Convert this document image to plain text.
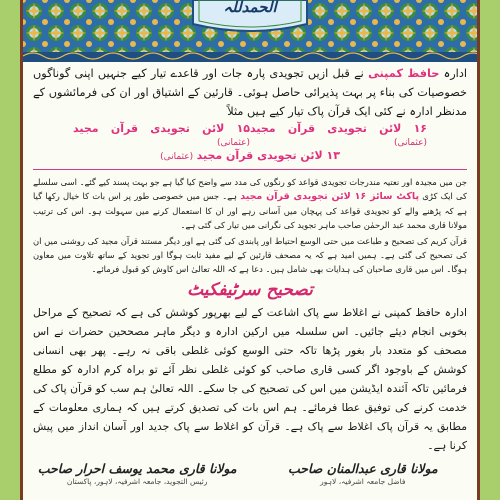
الحمدللہ

ادارہ حافظ کمپنی نے قبل ازیں تجویدی پارہ جات اور قاعدے تیار کیے جنہیں اپنی گوناگوں خصوصیات کی بناء پر بہت پذیرائی حاصل ہوئی۔ قارئین کے اشتیاق اور ان کی فرمائشوں کے مدنظر ادارہ نے کئی ایک قرآن پاک تیار کیے ہیں مثلاً

۱۶ لائن تجویدی قرآن مجید (عثمانی)
۱۵ لائن تجویدی قرآن مجید (عثمانی)
۱۳ لائن تجویدی قرآن مجید (عثمانی)

جن میں مجیدہ اور نعتیہ مندرجات تجویدی قواعد کو رنگوں کی مدد سے واضح کیا گیا ہے جو بہت پسند کیے گئے۔ اسی سلسلے کی ایک کڑی پاکٹ سائز ۱۶ لائن تجویدی قرآن مجید ہے۔ جس میں خصوصی طور پر اس بات کا خیال رکھا گیا ہے کہ پڑھنے والے کو تجویدی قواعد کی پہچان میں آسانی رہے اور ان کا استعمال کرنے میں سہولت ہو۔ اس کی ترتیب مولانا قاری محمد عبد الرحمٰن صاحب ماہر تجوید کی نگرانی میں تیار کی گئی ہے۔

قرآن کریم کی تصحیح و طباعت میں حتی الوسع احتیاط اور پابندی کی گئی ہے اور دیگر مستند قرآن مجید کی روشنی میں ان کی تصحیح کی گئی ہے۔ ہمیں امید ہے کہ یہ مصحف قارئین کے لیے مفید ثابت ہوگا اور تجوید کے ساتھ تلاوت میں معاون ہوگا۔ اس میں قاری صاحبان کی ہدایات بھی شامل ہیں۔ دعا ہے کہ اللہ تعالیٰ اس کاوش کو قبول فرمائے۔

تصحیح سرٹیفکیٹ

ادارہ حافظ کمپنی نے اغلاط سے پاک اشاعت کے لیے بھرپور کوشش کی ہے کہ تصحیح کے مراحل بخوبی انجام دیئے جائیں۔ اس سلسلہ میں ارکین ادارہ و دیگر ماہر مصححین حضرات نے اس مصحف کو متعدد بار بغور پڑھا تاکہ حتی الوسع کوئی غلطی باقی نہ رہے۔ پھر بھی انسانی کوشش کے باوجود اگر کسی قاری صاحب کو کوئی غلطی نظر آئے تو براہ کرم ادارہ کو مطلع فرمائیں تاکہ آئندہ ایڈیشن میں اس کی تصحیح کی جا سکے۔ اللہ تعالیٰ ہم سب کو قرآن پاک کی خدمت کرنے کی توفیق عطا فرمائے۔ ہم اس بات کی تصدیق کرتے ہیں کہ ہماری معلومات کے مطابق یہ قرآن پاک اغلاط سے پاک ہے۔ قرآن کو اغلاط سے پاک جدید اور آسان انداز میں پیش کرنا ہے۔

مولانا قاری عبدالمنان صاحب
فاضل جامعہ اشرفیہ، لاہور
مولانا قاری محمد یوسف احرار صاحب
رئیس التجوید، جامعہ اشرفیہ، لاہور، پاکستان
